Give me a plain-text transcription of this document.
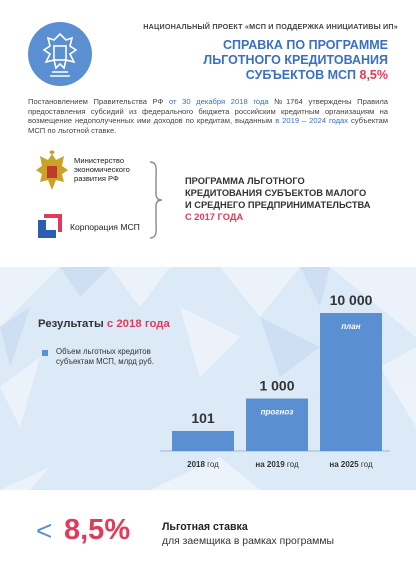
НАЦИОНАЛЬНЫЙ ПРОЕКТ «МСП И ПОДДЕРЖКА ИНИЦИАТИВЫ ИП»
СПРАВКА ПО ПРОГРАММЕ
ЛЬГОТНОГО КРЕДИТОВАНИЯ
СУБЪЕКТОВ МСП 8,5%

Постановлением Правительства РФ от 30 декабря 2018 года №1764 утверждены Правила предоставления субсидий из федерального бюджета российским кредитным организациям на возмещение недополученных ими доходов по кредитам, выданным в 2019 – 2024 годах субъектам МСП по льготной ставке.

Министерство экономического развития РФ
Корпорация МСП
ПРОГРАММА ЛЬГОТНОГО
КРЕДИТОВАНИЯ СУБЪЕКТОВ МАЛОГО
И СРЕДНЕГО ПРЕДПРИНИМАТЕЛЬСТВА
С 2017 ГОДА
Результаты с 2018 года
Объем льготных кредитов субъектам МСП, млрд руб.
101
2018 год
1 000
прогноз
на 2019 год
10 000
план
на 2025 год
< 8,5%	Льготная ставка
для заемщика в рамках программы
